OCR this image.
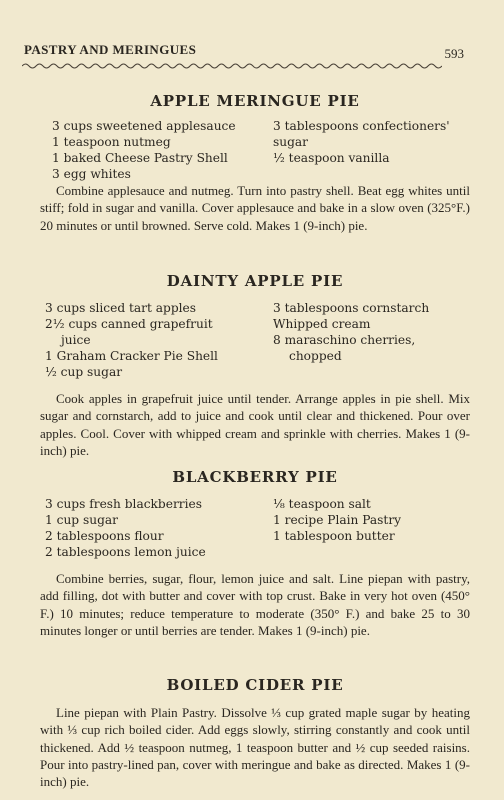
PASTRY AND MERINGUES	593
APPLE MERINGUE PIE
3 cups sweetened applesauce
1 teaspoon nutmeg
1 baked Cheese Pastry Shell
3 egg whites
3 tablespoons confectioners'
sugar
½ teaspoon vanilla

Combine applesauce and nutmeg. Turn into pastry shell. Beat egg whites until stiff; fold in sugar and vanilla. Cover applesauce and bake in a slow oven (325°F.) 20 minutes or until browned. Serve cold. Makes 1 (9-inch) pie.

DAINTY APPLE PIE
3 cups sliced tart apples
2½ cups canned grapefruit
juice
1 Graham Cracker Pie Shell
½ cup sugar
3 tablespoons cornstarch
Whipped cream
8 maraschino cherries,
chopped

Cook apples in grapefruit juice until tender. Arrange apples in pie shell. Mix sugar and cornstarch, add to juice and cook until clear and thickened. Pour over apples. Cool. Cover with whipped cream and sprinkle with cherries. Makes 1 (9-inch) pie.

BLACKBERRY PIE
3 cups fresh blackberries
1 cup sugar
2 tablespoons flour
2 tablespoons lemon juice
⅛ teaspoon salt
1 recipe Plain Pastry
1 tablespoon butter

Combine berries, sugar, flour, lemon juice and salt. Line piepan with pastry, add filling, dot with butter and cover with top crust. Bake in very hot oven (450° F.) 10 minutes; reduce temperature to moderate (350° F.) and bake 25 to 30 minutes longer or until berries are tender. Makes 1 (9-inch) pie.

BOILED CIDER PIE

Line piepan with Plain Pastry. Dissolve ⅓ cup grated maple sugar by heating with ⅓ cup rich boiled cider. Add eggs slowly, stirring constantly and cook until thickened. Add ½ teaspoon nutmeg, 1 teaspoon butter and ½ cup seeded raisins. Pour into pastry-lined pan, cover with meringue and bake as directed. Makes 1 (9-inch) pie.
